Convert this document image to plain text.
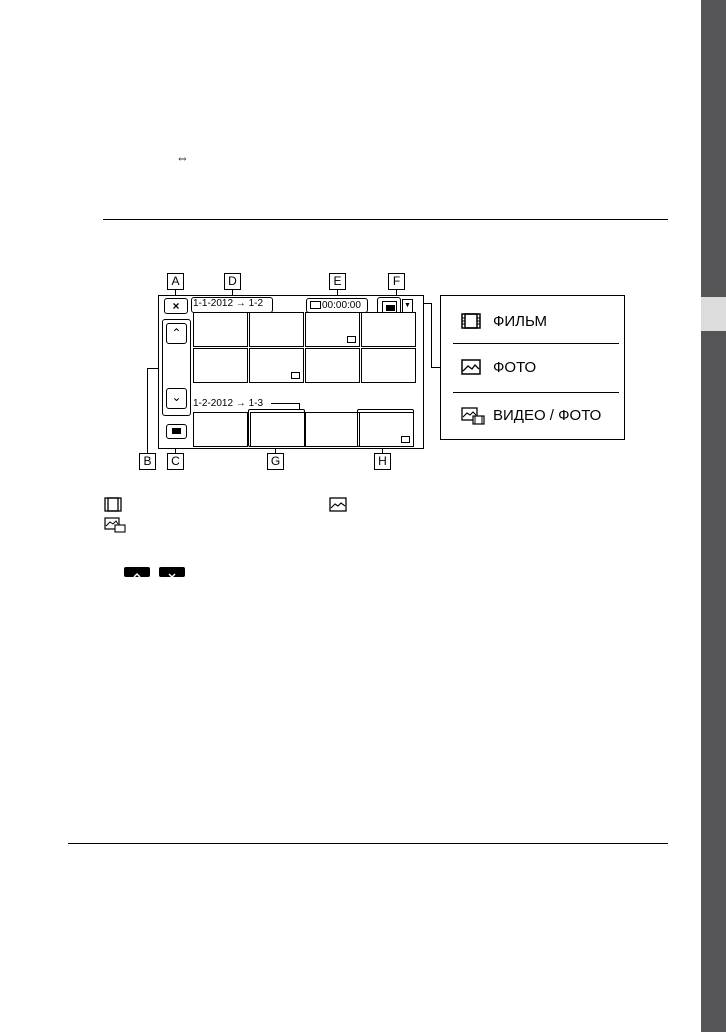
⇔
A	D	E	F
B	C	G	H
×	1-1-2012 → 1-2	00:00:00	▼
⌃
⌄	1-2-2012 → 1-3
ФИЛЬМ
ФОТО
ВИДЕО / ФОТО
